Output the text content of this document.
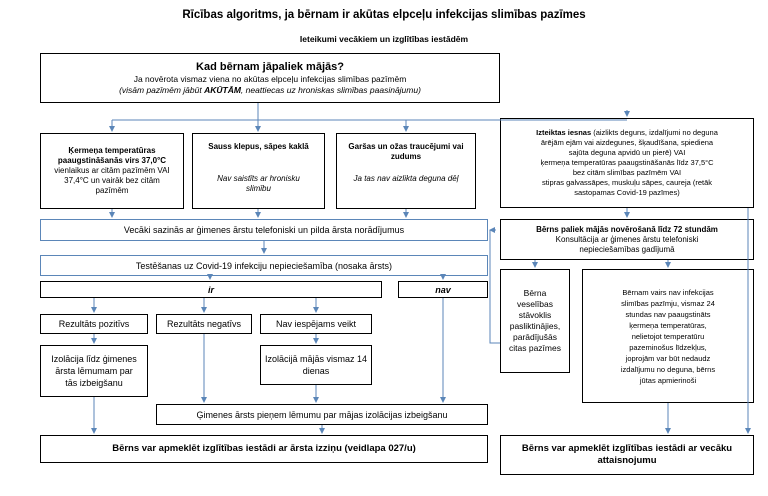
Rīcības algoritms, ja bērnam ir akūtas elpceļu infekcijas slimības pazīmes
Ieteikumi vecākiem un izglītības iestādēm
Kad bērnam jāpaliek mājās?
Ja novērota vismaz viena no akūtas elpceļu infekcijas slimības pazīmēm
(visām pazīmēm jābūt AKŪTĀM, neattiecas uz hroniskas slimības paasinājumu)
Ķermeņa temperatūras
paaugstināšanās virs 37,0°C
vienlaikus ar citām pazīmēm VAI
37,4°C un vairāk bez citām
pazīmēm
Sauss klepus, sāpes kaklā
Nav saistīts ar hronisku
slimību
Garšas un ožas traucējumi vai
zudums
Ja tas nav aizlikta deguna dēļ
Izteiktas iesnas (aizlikts deguns, izdalījumi no deguna
ārējām ejām vai aizdegunes, šķaudīšana, spiediena
sajūta deguna apvidū un pierē) VAI
ķermeņa temperatūras paaugstināšanās līdz 37,5°C
bez citām slimības pazīmēm VAI
stipras galvassāpes, muskuļu sāpes, caureja (retāk
sastopamas Covid-19 pazīmes)
Vecāki sazinās ar ģimenes ārstu telefoniski un pilda ārsta norādījumus	Bērns paliek mājās novērošanā līdz 72 stundām
Konsultācija ar ģimenes ārstu telefoniski
nepieciešamības gadījumā
Testēšanas uz Covid-19 infekciju nepieciešamība (nosaka ārsts)
ir	nav	Bērna
veselības
stāvoklis
pasliktinājies,
parādījušās
citas pazīmes
Bērnam vairs nav infekcijas
slimības pazīmju, vismaz 24
stundas nav paaugstināts
ķermeņa temperatūras,
nelietojot temperatūru
pazeminošus līdzekļus,
joprojām var būt nedaudz
izdalījumu no deguna, bērns
jūtas apmierinoši
Rezultāts pozitīvs	Rezultāts negatīvs	Nav iespējams veikt
Izolācija līdz ģimenes
ārsta lēmumam par
tās izbeigšanu
Izolācijā mājās vismaz 14
dienas
Ģimenes ārsts pieņem lēmumu par mājas izolācijas izbeigšanu
Bērns var apmeklēt izglītības iestādi ar ārsta izziņu (veidlapa 027/u)	Bērns var apmeklēt izglītības iestādi ar vecāku
attaisnojumu
